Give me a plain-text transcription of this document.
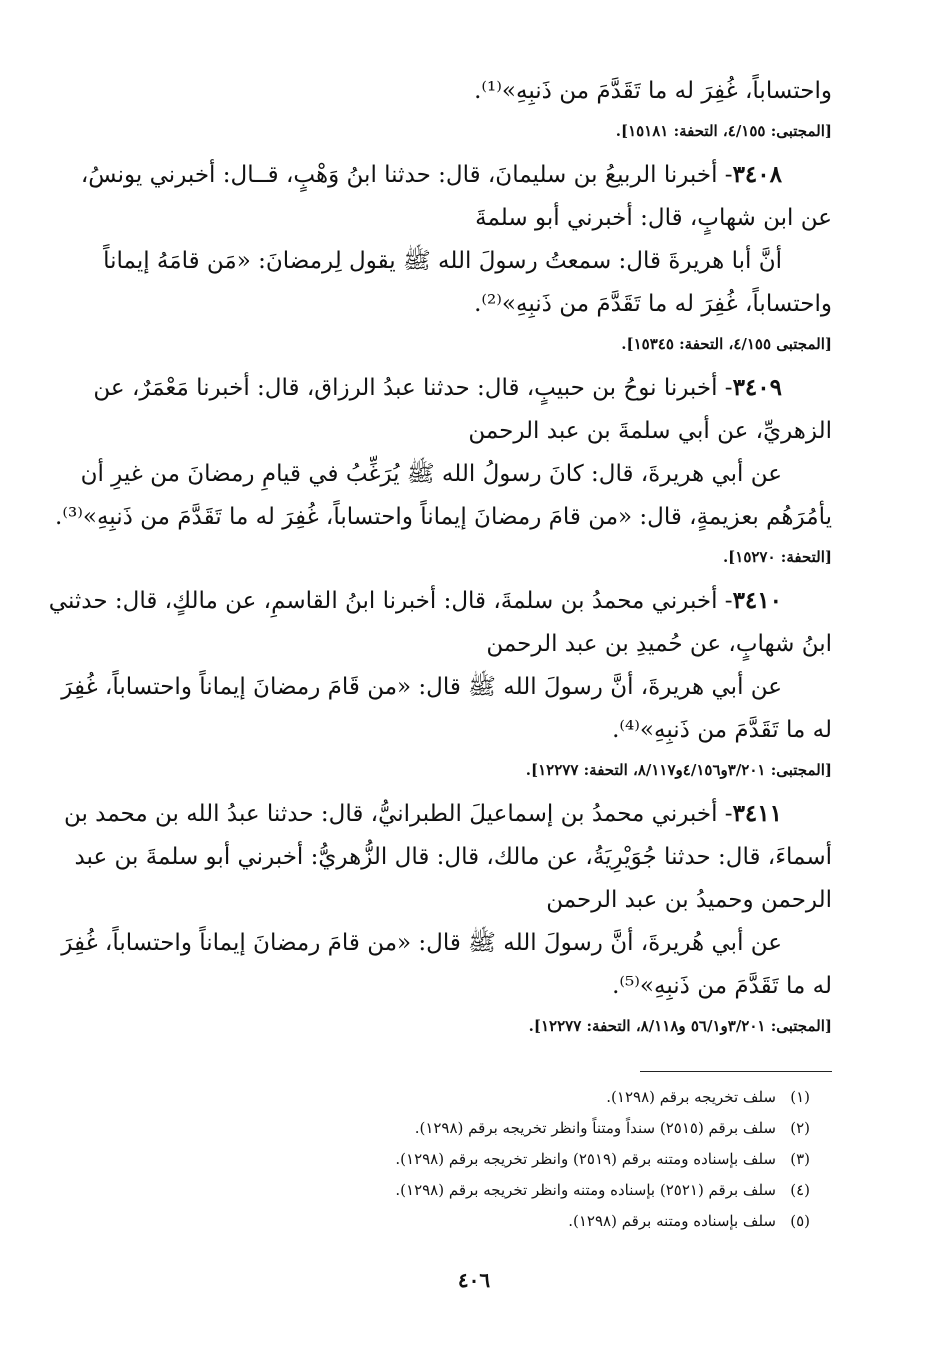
واحتساباً، غُفِرَ له ما تَقَدَّمَ من ذَنبِهِ»⁽¹⁾.
[المجتبى: ٤/١٥٥، التحفة: ١٥١٨١].
٣٤٠٨- أخبرنا الربيعُ بن سليمانَ، قال: حدثنا ابنُ وَهْبٍ، قــال: أخبرني يونسُ،
عن ابن شهابٍ، قال: أخبرني أبو سلمةَ
أنَّ أبا هريرةَ قال: سمعتُ رسولَ الله ﷺ يقول لِرمضانَ: «مَن قامَهُ إيماناً
واحتساباً، غُفِرَ له ما تَقَدَّمَ من ذَنبِهِ»⁽²⁾.
[المجتبى ٤/١٥٥، التحفة: ١٥٣٤٥].
٣٤٠٩- أخبرنا نوحُ بن حبيبٍ، قال: حدثنا عبدُ الرزاق، قال: أخبرنا مَعْمَرٌ، عن
الزهريِّ، عن أبي سلمةَ بن عبد الرحمن
عن أبي هريرةَ، قال: كانَ رسولُ الله ﷺ يُرَغِّبُ في قيامِ رمضانَ من غيرِ أن
يأمُرَهُم بعزيمةٍ، قال: «من قامَ رمضانَ إيماناً واحتساباً، غُفِرَ له ما تَقَدَّمَ من ذَنبِهِ»⁽³⁾.
[التحفة: ١٥٢٧٠].
٣٤١٠- أخبرني محمدُ بن سلمةَ، قال: أخبرنا ابنُ القاسمِ، عن مالكٍ، قال: حدثني
ابنُ شهابٍ، عن حُميدِ بن عبد الرحمن
عن أبي هريرةَ، أنَّ رسولَ الله ﷺ قال: «من قَامَ رمضانَ إيماناً واحتساباً، غُفِرَ
له ما تَقَدَّمَ من ذَنبِهِ»⁽⁴⁾.
[المجتبى: ٣/٢٠١و٤/١٥٦و٨/١١٧، التحفة: ١٢٢٧٧].
٣٤١١- أخبرني محمدُ بن إسماعيلَ الطبرانيُّ، قال: حدثنا عبدُ الله بن محمد بن
أسماءَ، قال: حدثنا جُوَيْرِيَةُ، عن مالك، قال: قال الزُّهريُّ: أخبرني أبو سلمةَ بن عبد
الرحمن وحميدُ بن عبد الرحمن
عن أبي هُريرةَ، أنَّ رسولَ الله ﷺ قال: «من قامَ رمضانَ إيماناً واحتساباً، غُفِرَ
له ما تَقَدَّمَ من ذَنبِهِ»⁽⁵⁾.
[المجتبى: ٣/٢٠١و٥٦/١ و٨/١١٨، التحفة: ١٢٢٧٧].
(١)سلف تخريجه برقم (١٢٩٨).
(٢)سلف برقم (٢٥١٥) سنداً ومتناً وانظر تخريجه برقم (١٢٩٨).
(٣)سلف بإسناده ومتنه برقم (٢٥١٩) وانظر تخريجه برقم (١٢٩٨).
(٤)سلف برقم (٢٥٢١) بإسناده ومتنه وانظر تخريجه برقم (١٢٩٨).
(٥)سلف بإسناده ومتنه برقم (١٢٩٨).
٤٠٦
